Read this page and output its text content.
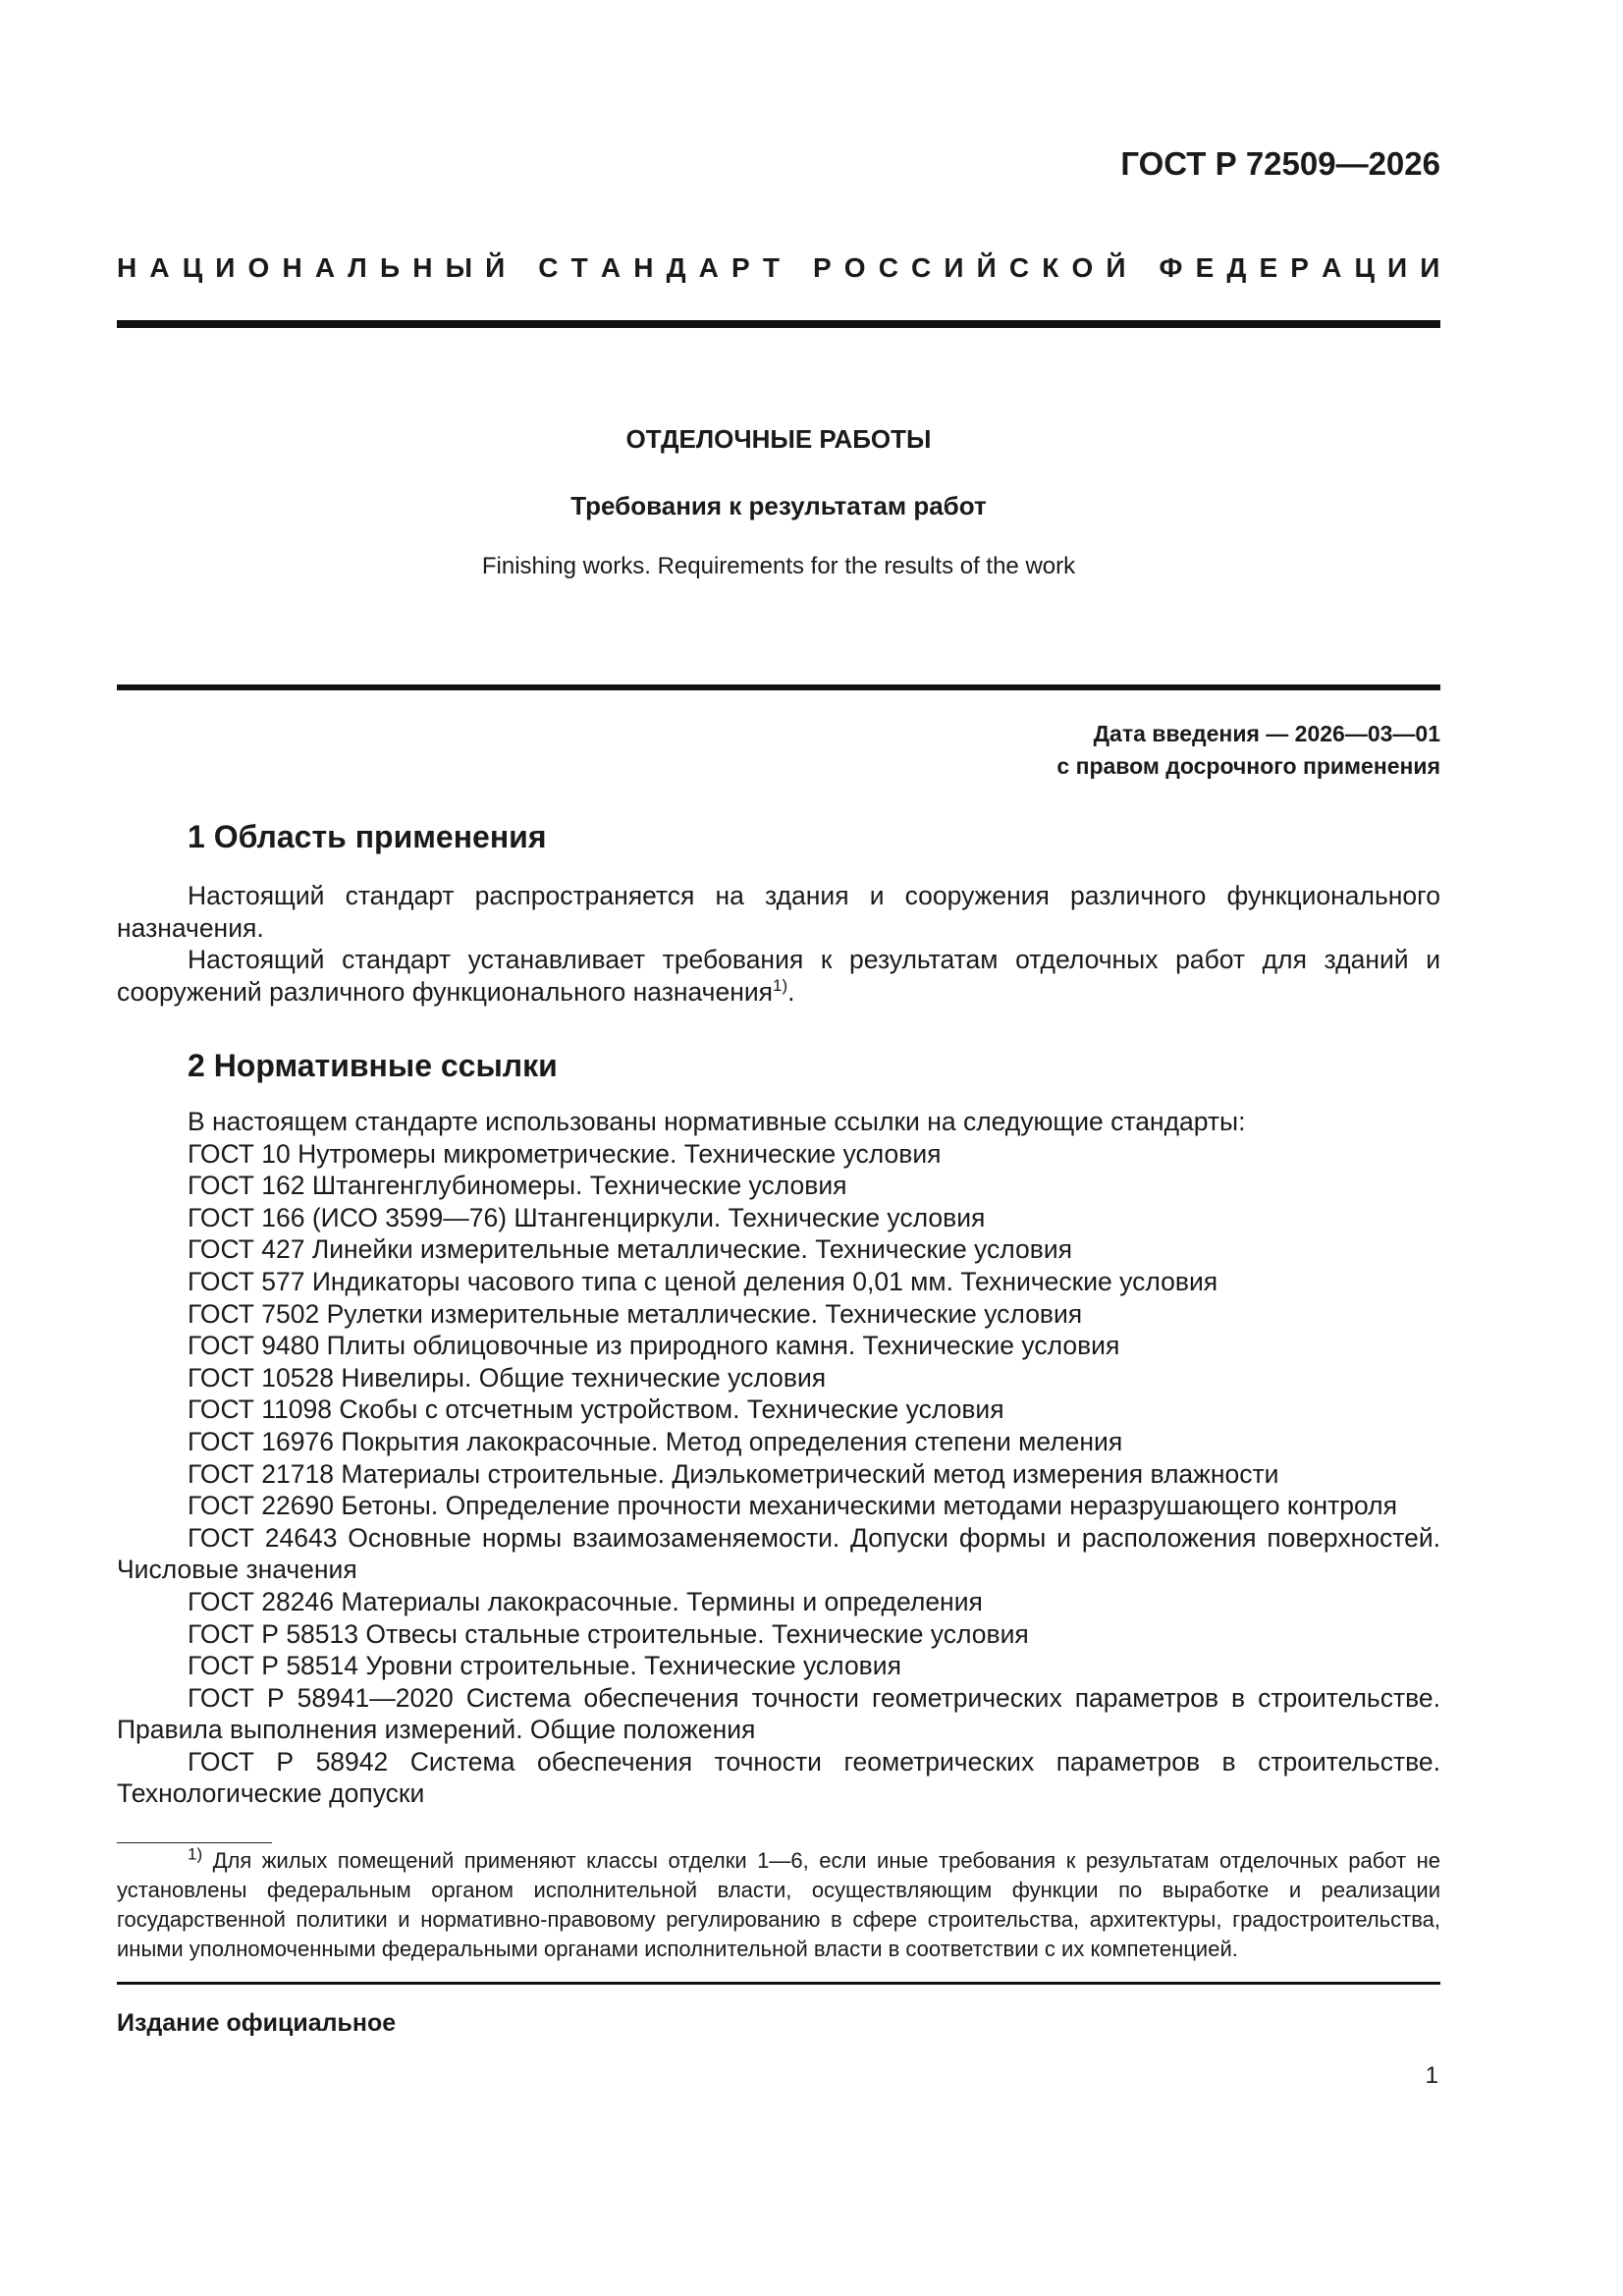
ГОСТ Р 72509—2026
Н А Ц И О Н А Л Ь Н Ы Й
С Т А Н Д А Р Т
Р О С С И Й С К О Й
Ф Е Д Е Р А Ц И И
ОТДЕЛОЧНЫЕ РАБОТЫ
Требования к результатам работ
Finishing works. Requirements for the results of the work
Дата введения — 2026—03—01
с правом досрочного применения
1 Область применения
Настоящий стандарт распространяется на здания и сооружения различного функционального назначения.
Настоящий стандарт устанавливает требования к результатам отделочных работ для зданий и сооружений различного функционального назначения$^{1)}$.
2 Нормативные ссылки
В настоящем стандарте использованы нормативные ссылки на следующие стандарты:
ГОСТ 10 Нутромеры микрометрические. Технические условия
ГОСТ 162 Штангенглубиномеры. Технические условия
ГОСТ 166 (ИСО 3599—76) Штангенциркули. Технические условия
ГОСТ 427 Линейки измерительные металлические. Технические условия
ГОСТ 577 Индикаторы часового типа с ценой деления 0,01 мм. Технические условия
ГОСТ 7502 Рулетки измерительные металлические. Технические условия
ГОСТ 9480 Плиты облицовочные из природного камня. Технические условия
ГОСТ 10528 Нивелиры. Общие технические условия
ГОСТ 11098 Скобы с отсчетным устройством. Технические условия
ГОСТ 16976 Покрытия лакокрасочные. Метод определения степени меления
ГОСТ 21718 Материалы строительные. Диэлькометрический метод измерения влажности
ГОСТ 22690 Бетоны. Определение прочности механическими методами неразрушающего контроля
ГОСТ 24643 Основные нормы взаимозаменяемости. Допуски формы и расположения поверхностей. Числовые значения
ГОСТ 28246 Материалы лакокрасочные. Термины и определения
ГОСТ Р 58513 Отвесы стальные строительные. Технические условия
ГОСТ Р 58514 Уровни строительные. Технические условия
ГОСТ Р 58941—2020 Система обеспечения точности геометрических параметров в строительстве. Правила выполнения измерений. Общие положения
ГОСТ Р 58942 Система обеспечения точности геометрических параметров в строительстве. Технологические допуски
$^{1)}$ Для жилых помещений применяют классы отделки 1—6, если иные требования к результатам отделочных работ не установлены федеральным органом исполнительной власти, осуществляющим функции по выработке и реализации государственной политики и нормативно-правовому регулированию в сфере строительства, архитектуры, градостроительства, иными уполномоченными федеральными органами исполнительной власти в соответствии с их компетенцией.
Издание официальное
1
